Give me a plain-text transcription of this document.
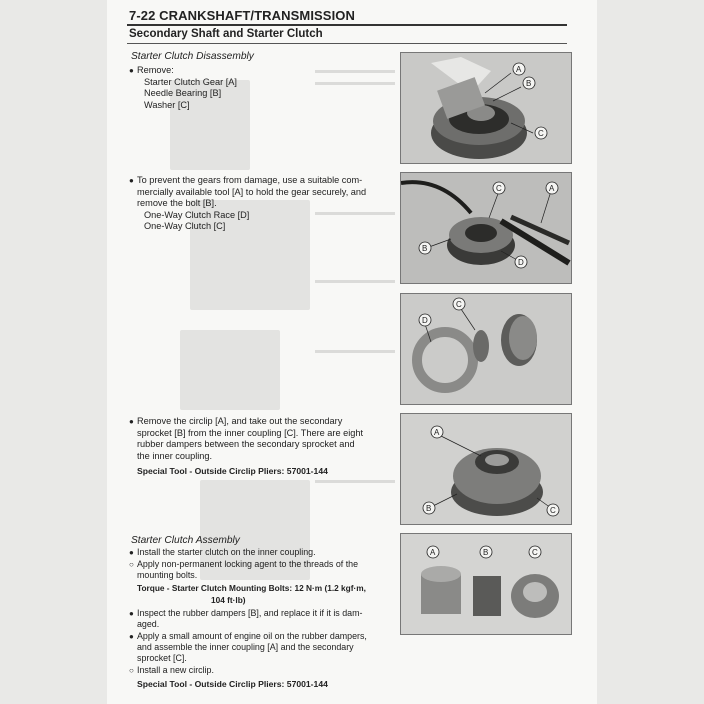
7-22 CRANKSHAFT/TRANSMISSION
Secondary Shaft and Starter Clutch
Starter Clutch Disassembly
● Remove:
Starter Clutch Gear [A]
Needle Bearing [B]
Washer [C]
● To prevent the gears from damage, use a suitable com-
mercially available tool [A] to hold the gear securely, and
remove the bolt [B].
One-Way Clutch Race [D]
One-Way Clutch [C]
● Remove the circlip [A], and take out the secondary
sprocket [B] from the inner coupling [C]. There are eight
rubber dampers between the secondary sprocket and
the inner coupling.
Special Tool - Outside Circlip Pliers: 57001-144
Starter Clutch Assembly
● Install the starter clutch on the inner coupling.
○ Apply non-permanent locking agent to the threads of the
mounting bolts.
Torque - Starter Clutch Mounting Bolts: 12 N·m (1.2 kgf·m,
104 ft·lb)
● Inspect the rubber dampers [B], and replace it if it is dam-
aged.
● Apply a small amount of engine oil on the rubber dampers,
and assemble the inner coupling [A] and the secondary
sprocket [C].
○ Install a new circlip.
Special Tool - Outside Circlip Pliers: 57001-144
A
B
C
C	A
B
D
D
C
A
B	C
A	B	C
